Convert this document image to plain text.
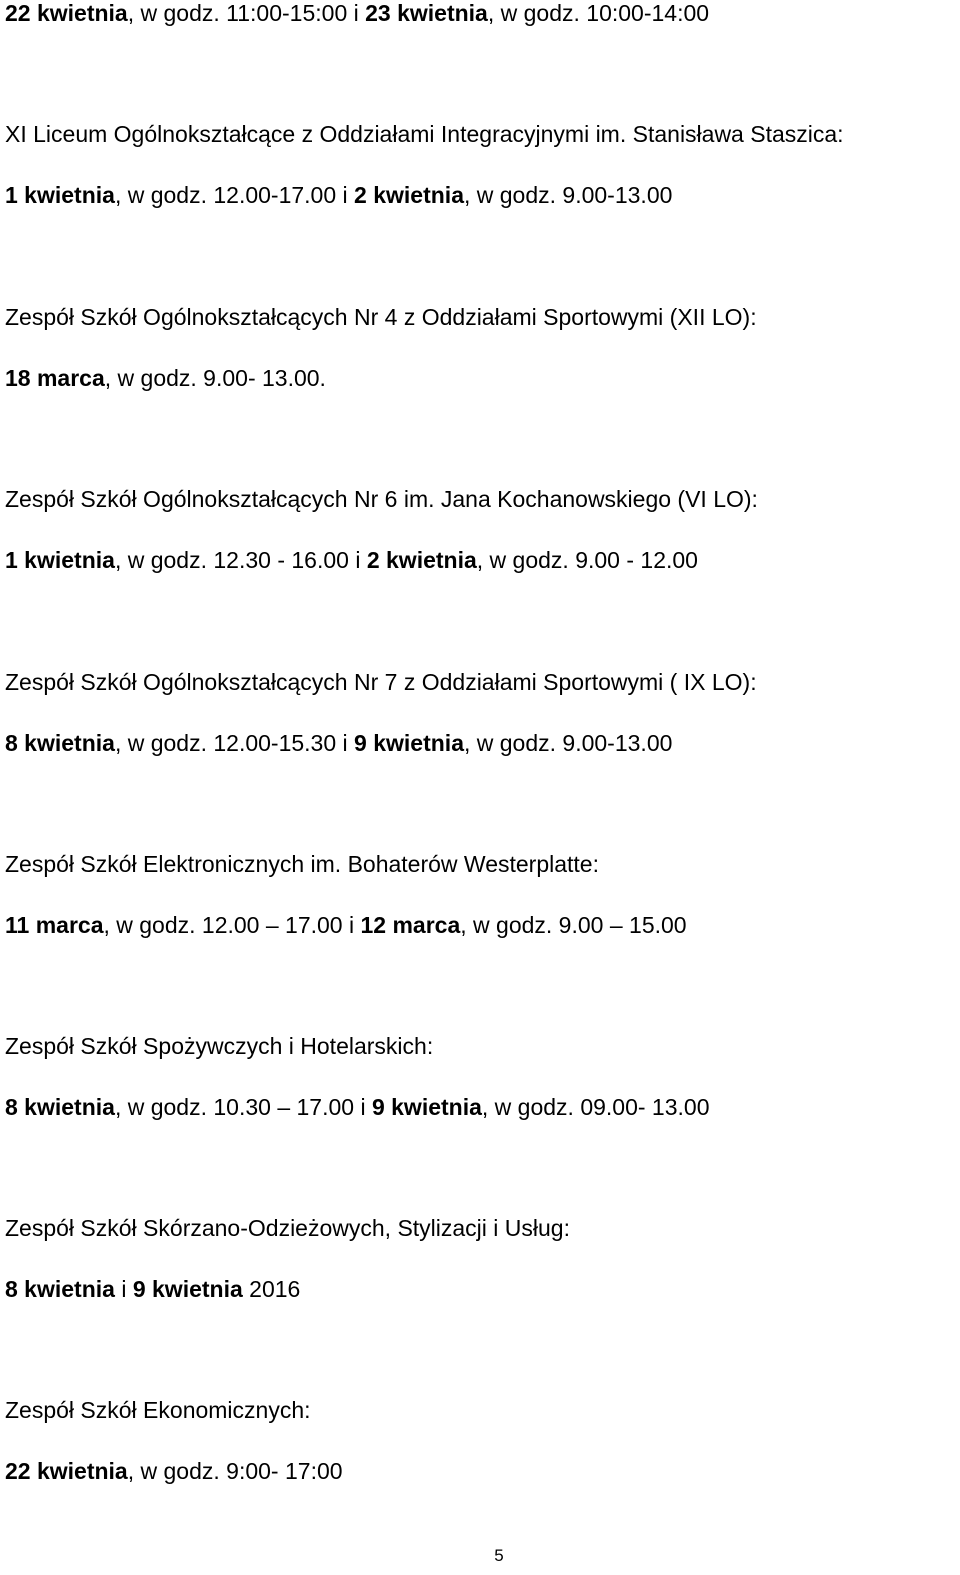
22 kwietnia, w godz. 11:00-15:00 i 23 kwietnia, w godz. 10:00-14:00

XI Liceum Ogólnokształcące z Oddziałami Integracyjnymi im. Stanisława Staszica:

1 kwietnia, w godz. 12.00-17.00 i 2 kwietnia, w godz. 9.00-13.00

Zespół Szkół Ogólnokształcących Nr 4 z Oddziałami Sportowymi (XII LO):

18 marca, w godz. 9.00- 13.00.

Zespół Szkół Ogólnokształcących Nr 6 im. Jana Kochanowskiego (VI LO):

1 kwietnia, w godz. 12.30 - 16.00 i 2 kwietnia, w godz. 9.00 - 12.00

Zespół Szkół Ogólnokształcących Nr 7 z Oddziałami Sportowymi ( IX LO):

8 kwietnia, w godz. 12.00-15.30 i 9 kwietnia, w godz. 9.00-13.00

Zespół Szkół Elektronicznych im. Bohaterów Westerplatte:

11 marca, w godz. 12.00 – 17.00 i 12 marca, w godz. 9.00 – 15.00

Zespół Szkół Spożywczych i Hotelarskich:

8 kwietnia, w godz. 10.30 – 17.00 i 9 kwietnia, w godz. 09.00- 13.00

Zespół Szkół Skórzano-Odzieżowych, Stylizacji i Usług:

8 kwietnia i 9 kwietnia 2016

Zespół Szkół Ekonomicznych:

22 kwietnia, w godz. 9:00- 17:00

5
